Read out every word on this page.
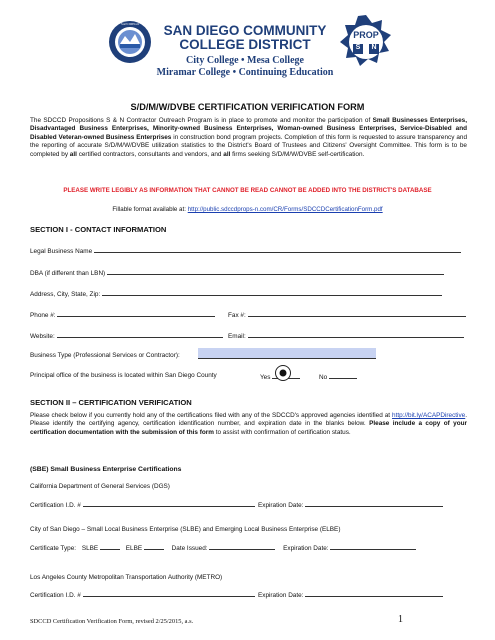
SAN DIEGO	SAN DIEGO COMMUNITY
COLLEGE DISTRICT
City College • Mesa College
Miramar College • Continuing Education
PROP
S	N
S/D/M/W/DVBE CERTIFICATION VERIFICATION FORM
The SDCCD Propositions S & N Contractor Outreach Program is in place to promote and monitor the participation of Small Businesses Enterprises, Disadvantaged Business Enterprises, Minority-owned Business Enterprises, Woman-owned Business Enterprises, Service-Disabled and Disabled Veteran-owned Business Enterprises in construction bond program projects. Completion of this form is requested to assure transparency and the reporting of accurate S/D/M/W/DVBE utilization statistics to the District's Board of Trustees and Citizens' Oversight Committee. This form is to be completed by all certified contractors, consultants and vendors, and all firms seeking S/D/M/W/DVBE self-certification.
PLEASE WRITE LEGIBLY AS INFORMATION THAT CANNOT BE READ CANNOT BE ADDED INTO THE DISTRICT'S DATABASE
Fillable format available at: http://public.sdccdprops-n.com/CR/Forms/SDCCDCertificationForm.pdf
SECTION I - CONTACT INFORMATION
Legal Business Name
DBA (if different than LBN)
Address, City, State, Zip:
Phone #:	Fax #:
Website:	Email:
Business Type (Professional Services or Contractor):
Principal office of the business is located within San Diego County	Yes	No
SECTION II – CERTIFICATION VERIFICATION
Please check below if you currently hold any of the certifications filed with any of the SDCCD's approved agencies identified at http://bit.ly/ACAPDirective. Please identify the certifying agency, certification identification number, and expiration date in the blanks below. Please include a copy of your certification documentation with the submission of this form to assist with confirmation of certification status.
(SBE) Small Business Enterprise Certifications
California Department of General Services (DGS)
Certification I.D. #	Expiration Date:
City of San Diego – Small Local Business Enterprise (SLBE) and Emerging Local Business Enterprise (ELBE)
Certificate Type: SLBE	ELBE	Date Issued:	Expiration Date:
Los Angeles County Metropolitan Transportation Authority (METRO)
Certification I.D. #	Expiration Date:
SDCCD Certification Verification Form, revised 2/25/2015, a.s.	1
